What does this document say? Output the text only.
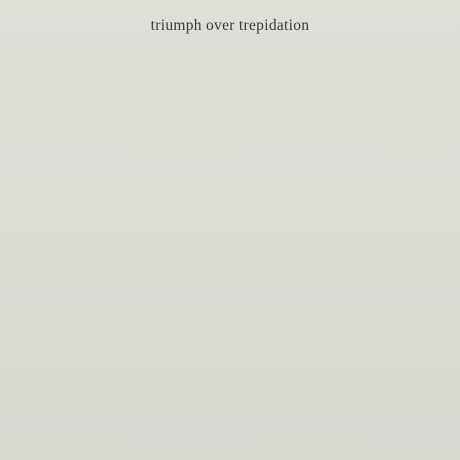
triumph over trepidation
